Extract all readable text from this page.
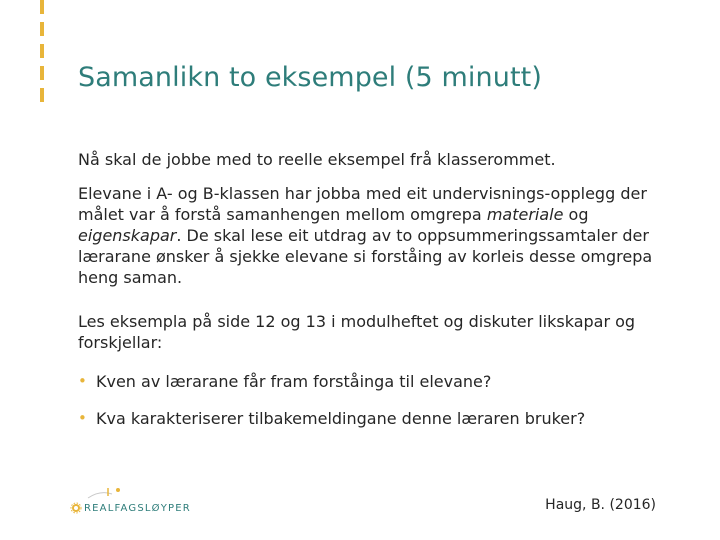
Samanlikn to eksempel (5 minutt)

Nå skal de jobbe med to reelle eksempel frå klasserommet.

Elevane i A- og B-klassen har jobba med eit undervisnings-opplegg der målet var å forstå samanhengen mellom omgrepa materiale og eigenskapar. De skal lese eit utdrag av to oppsummeringssamtaler der lærarane ønsker å sjekke elevane si forståing av korleis desse omgrepa heng saman.

Les eksempla på side 12 og 13 i modulheftet og diskuter likskapar og forskjellar:

• Kven av lærarane får fram forståinga til elevane?
• Kva karakteriserer tilbakemeldingane denne læraren bruker?
REALFAGSLØYPER	Haug, B. (2016)
